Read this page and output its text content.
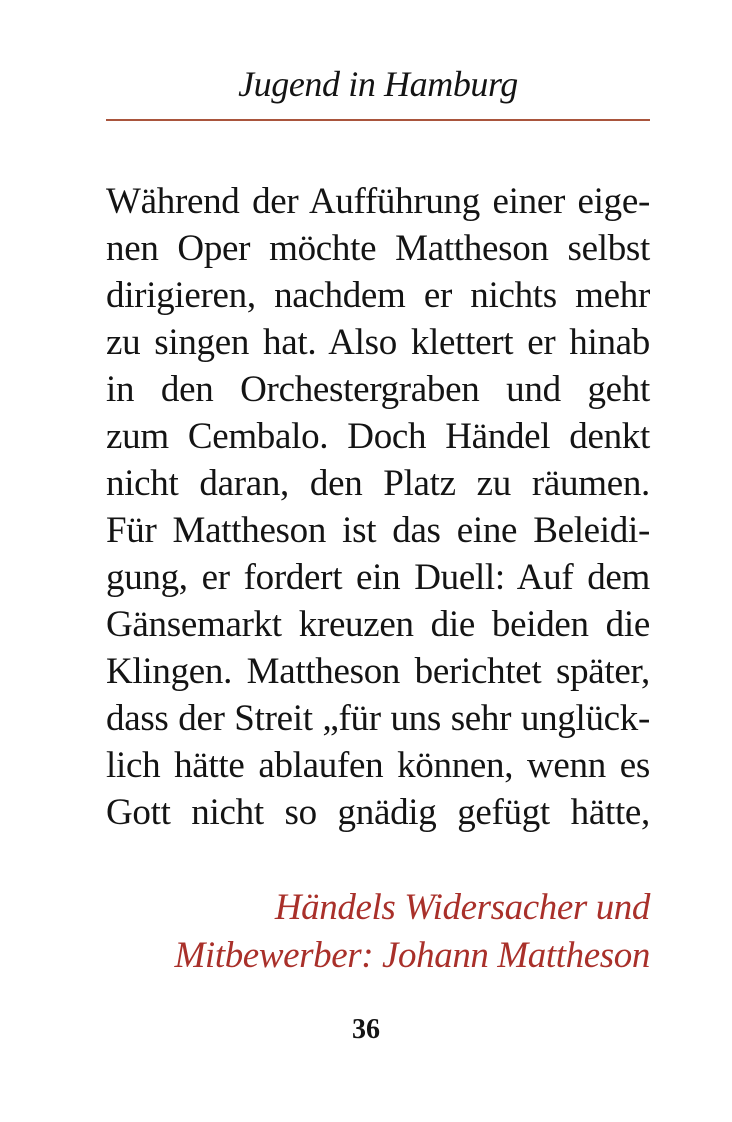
Jugend in Hamburg
Während der Aufführung einer eige-
nen Oper möchte Mattheson selbst
dirigieren, nachdem er nichts mehr
zu singen hat. Also klettert er hinab
in den Orchestergraben und geht
zum Cembalo. Doch Händel denkt
nicht daran, den Platz zu räumen.
Für Mattheson ist das eine Beleidi-
gung, er fordert ein Duell: Auf dem
Gänsemarkt kreuzen die beiden die
Klingen. Mattheson berichtet später,
dass der Streit „für uns sehr unglück-
lich hätte ablaufen können, wenn es
Gott nicht so gnädig gefügt hätte,
Händels Widersacher und
Mitbewerber: Johann Mattheson
36
